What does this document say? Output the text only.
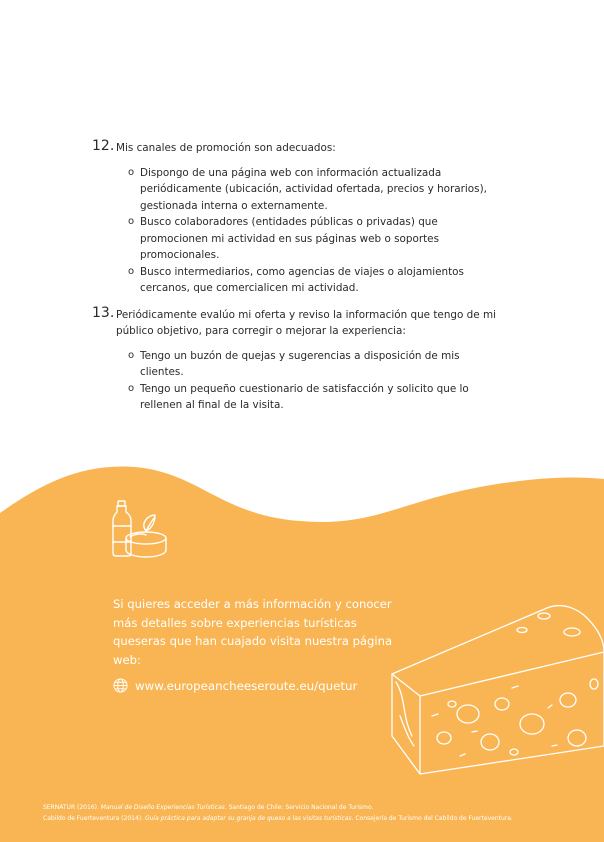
12. Mis canales de promoción son adecuados:
o Dispongo de una página web con información actualizada periódicamente (ubicación, actividad ofertada, precios y horarios), gestionada interna o externamente.
o Busco colaboradores (entidades públicas o privadas) que promocionen mi actividad en sus páginas web o soportes promocionales.
o Busco intermediarios, como agencias de viajes o alojamientos cercanos, que comercialicen mi actividad.
13. Periódicamente evalúo mi oferta y reviso la información que tengo de mi público objetivo, para corregir o mejorar la experiencia:
o Tengo un buzón de quejas y sugerencias a disposición de mis clientes.
o Tengo un pequeño cuestionario de satisfacción y solicito que lo rellenen al final de la visita.
Si quieres acceder a más información y conocer más detalles sobre experiencias turísticas queseras que han cuajado visita nuestra página web:
www.europeancheeseroute.eu/quetur
SERNATUR (2016). Manual de Diseño Experiencias Turísticas. Santiago de Chile: Servicio Nacional de Turismo.
Cabildo de Fuerteventura (2014). Guía práctica para adaptar su granja de queso a las visitas turísticas. Consejería de Turismo del Cabildo de Fuerteventura.
